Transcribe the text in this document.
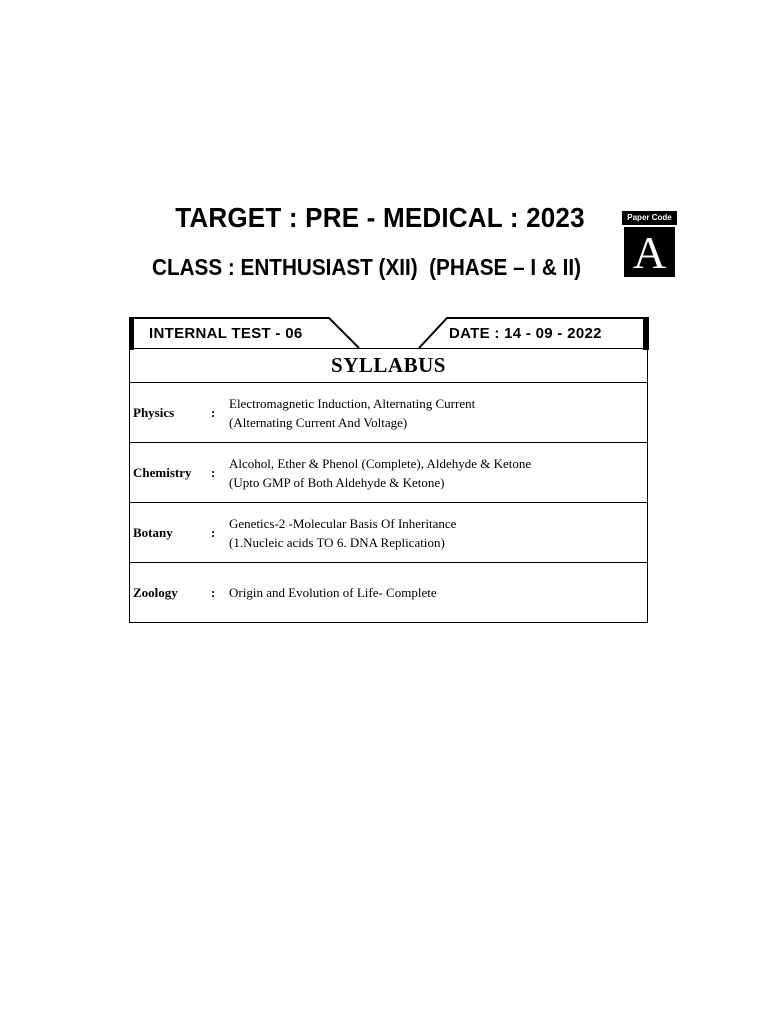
TARGET : PRE - MEDICAL : 2023
CLASS : ENTHUSIAST (XII)  (PHASE – I & II)
Paper Code
A
INTERNAL TEST - 06	DATE : 14 - 09 - 2022
SYLLABUS

Physics	:
Electromagnetic Induction, Alternating Current
(Alternating Current And Voltage)

Chemistry	:
Alcohol, Ether & Phenol (Complete), Aldehyde & Ketone
(Upto GMP of Both Aldehyde & Ketone)

Botany	:
Genetics-2 -Molecular Basis Of Inheritance
(1.Nucleic acids TO 6. DNA Replication)

Zoology	:	Origin and Evolution of Life- Complete
